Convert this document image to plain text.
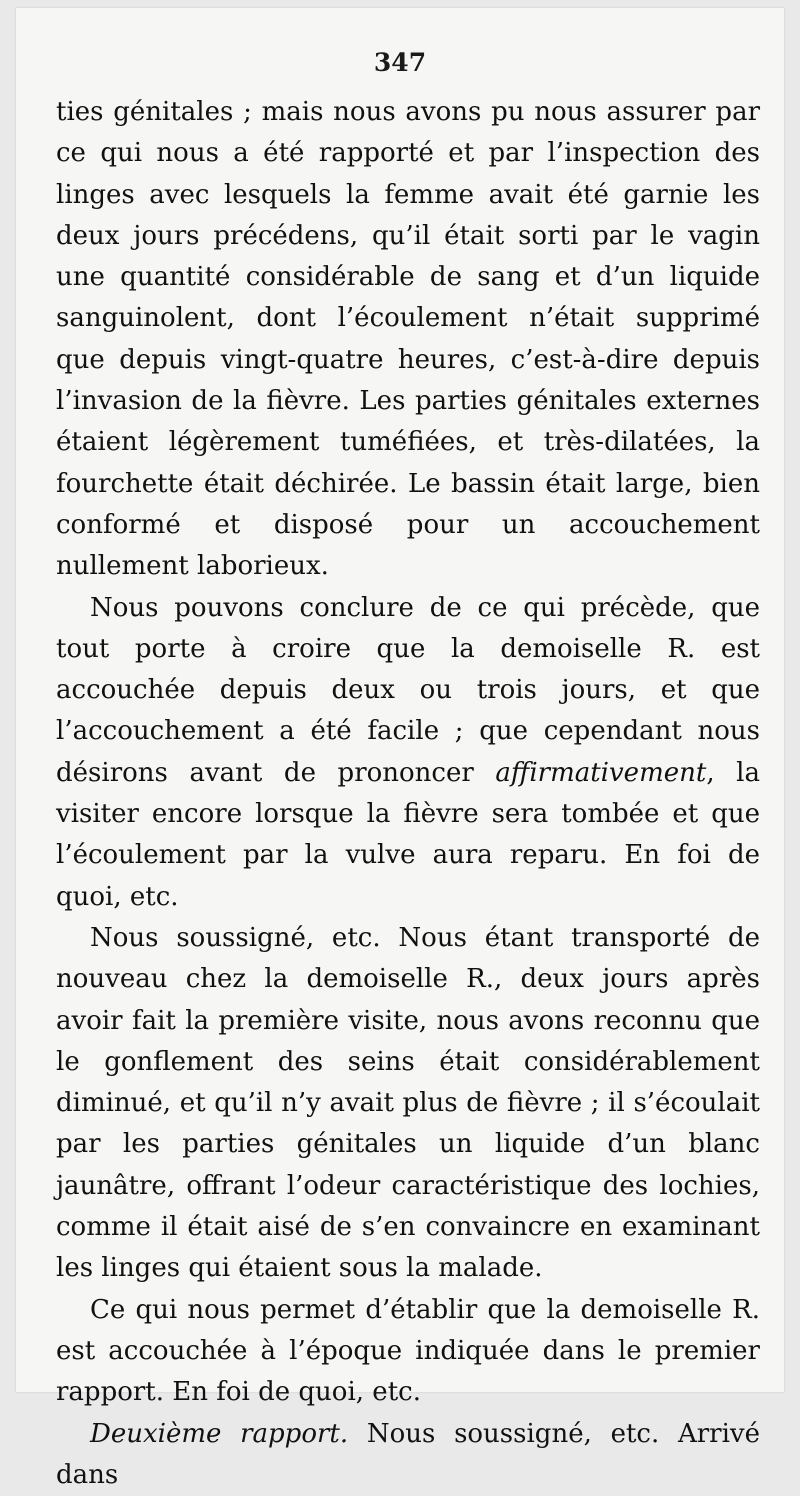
347

ties génitales ; mais nous avons pu nous assurer par ce qui nous a été rapporté et par l’inspection des linges avec lesquels la femme avait été garnie les deux jours précédens, qu’il était sorti par le vagin une quantité considérable de sang et d’un liquide sanguinolent, dont l’écoulement n’était supprimé que depuis vingt-quatre heures, c’est-à-dire depuis l’invasion de la fièvre. Les parties génitales externes étaient légèrement tuméfiées, et très-dilatées, la fourchette était déchirée. Le bassin était large, bien conformé et disposé pour un accouchement nullement laborieux.

Nous pouvons conclure de ce qui précède, que tout porte à croire que la demoiselle R. est accouchée depuis deux ou trois jours, et que l’accouchement a été facile ; que cependant nous désirons avant de prononcer affirmativement, la visiter encore lorsque la fièvre sera tombée et que l’écoulement par la vulve aura reparu. En foi de quoi, etc.

Nous soussigné, etc. Nous étant transporté de nouveau chez la demoiselle R., deux jours après avoir fait la première visite, nous avons reconnu que le gonflement des seins était considérablement diminué, et qu’il n’y avait plus de fièvre ; il s’écoulait par les parties génitales un liquide d’un blanc jaunâtre, offrant l’odeur caractéristique des lochies, comme il était aisé de s’en convaincre en examinant les linges qui étaient sous la malade.

Ce qui nous permet d’établir que la demoiselle R. est accouchée à l’époque indiquée dans le premier rapport. En foi de quoi, etc.

Deuxième rapport. Nous soussigné, etc. Arrivé dans
